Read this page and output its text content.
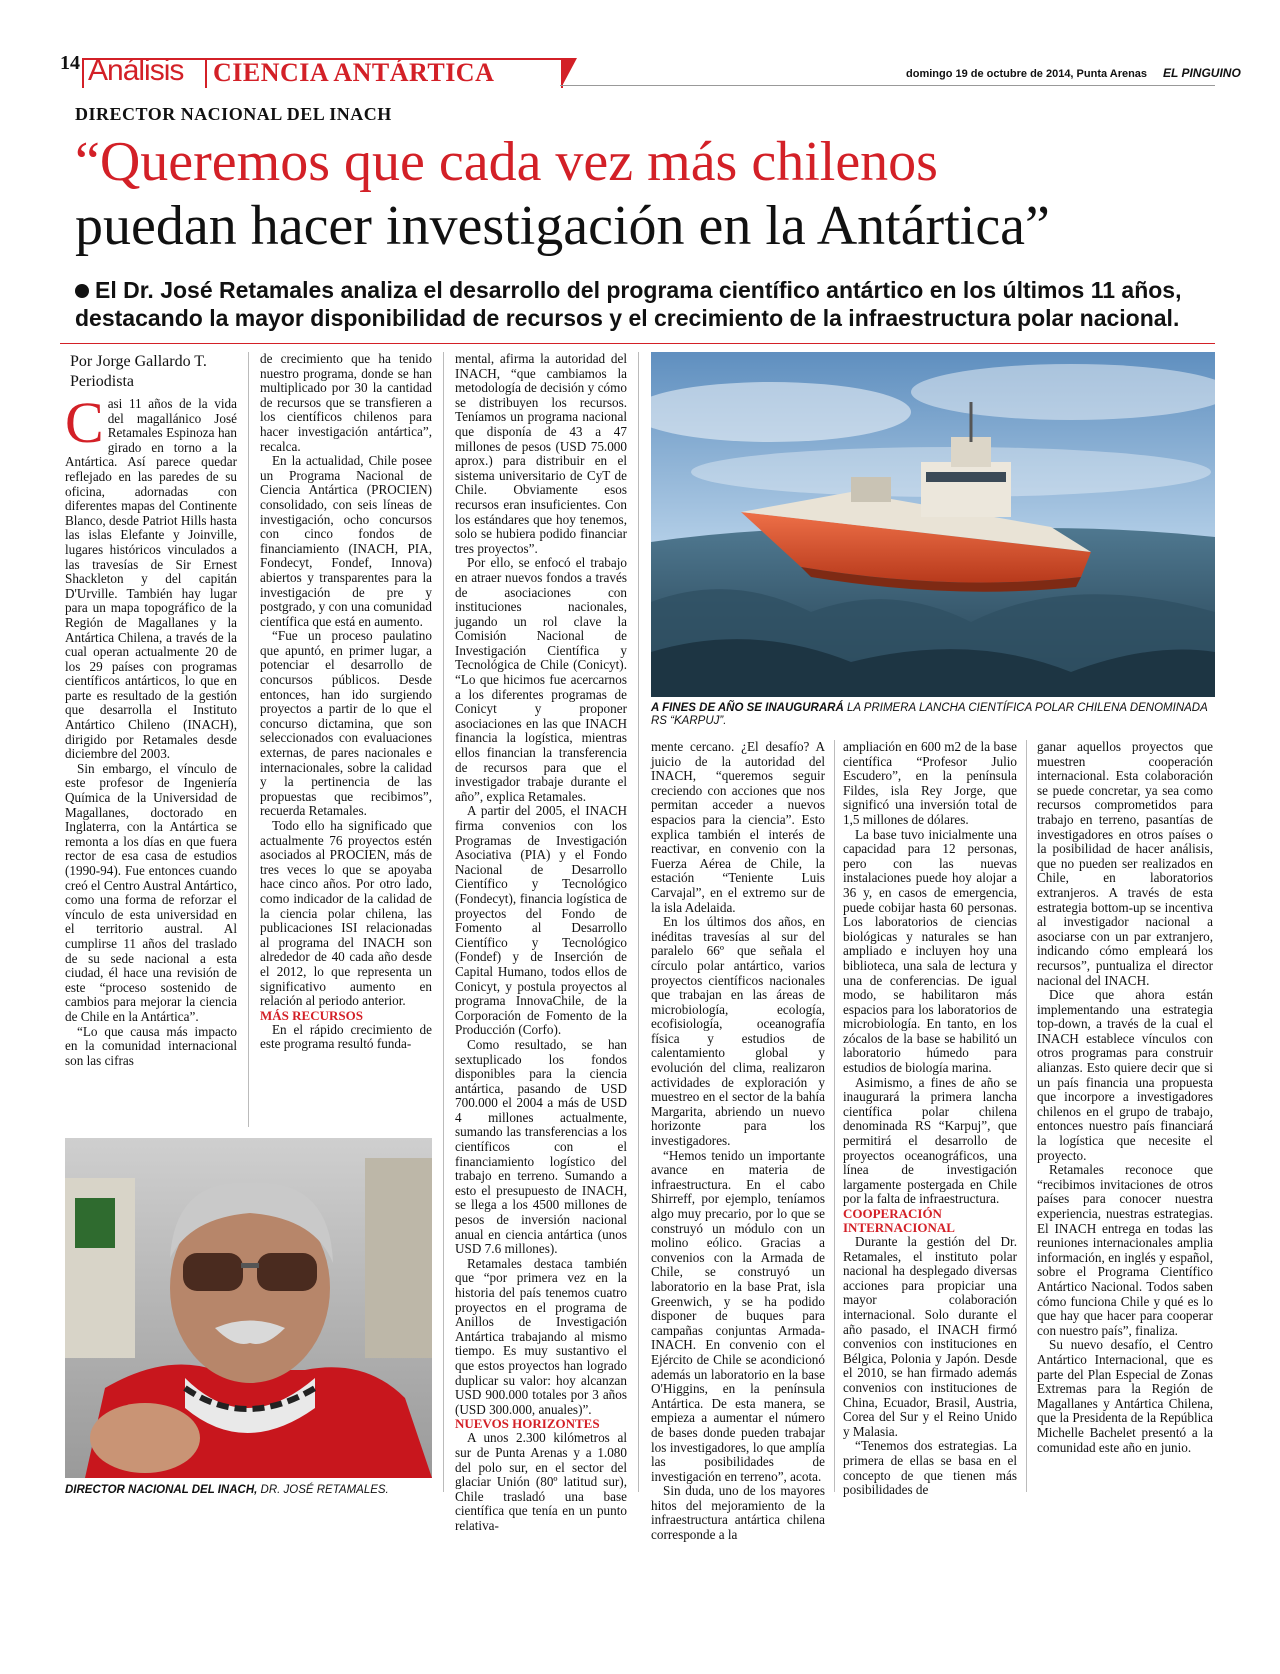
14 Análisis CIENCIA ANTÁRTICA	domingo 19 de octubre de 2014, Punta Arenas EL PINGUINO
DIRECTOR NACIONAL DEL INACH
“Queremos que cada vez más chilenos
puedan hacer investigación en la Antártica”
El Dr. José Retamales analiza el desarrollo del programa científico antártico en los últimos 11 años, destacando la mayor disponibilidad de recursos y el crecimiento de la infraestructura polar nacional.
Por Jorge Gallardo T.
Periodista
C asi 11 años de la vida del magallánico José Retamales Espinoza han girado en torno a la Antártica. Así parece quedar reflejado en las paredes de su oficina, adornadas con diferentes mapas del Continente Blanco, desde Patriot Hills hasta las islas Elefante y Joinville, lugares históricos vinculados a las travesías de Sir Ernest Shackleton y del capitán D'Urville. También hay lugar para un mapa topográfico de la Región de Magallanes y la Antártica Chilena, a través de la cual operan actualmente 20 de los 29 países con programas científicos antárticos, lo que en parte es resultado de la gestión que desarrolla el Instituto Antártico Chileno (INACH), dirigido por Retamales desde diciembre del 2003.

Sin embargo, el vínculo de este profesor de Ingeniería Química de la Universidad de Magallanes, doctorado en Inglaterra, con la Antártica se remonta a los días en que fuera rector de esa casa de estudios (1990-94). Fue entonces cuando creó el Centro Austral Antártico, como una forma de reforzar el vínculo de esta universidad en el territorio austral. Al cumplirse 11 años del traslado de su sede nacional a esta ciudad, él hace una revisión de este “proceso sostenido de cambios para mejorar la ciencia de Chile en la Antártica”.

“Lo que causa más impacto en la comunidad internacional son las cifras

de crecimiento que ha tenido nuestro programa, donde se han multiplicado por 30 la cantidad de recursos que se transfieren a los científicos chilenos para hacer investigación antártica”, recalca.

En la actualidad, Chile posee un Programa Nacional de Ciencia Antártica (PROCIEN) consolidado, con seis líneas de investigación, ocho concursos con cinco fondos de financiamiento (INACH, PIA, Fondecyt, Fondef, Innova) abiertos y transparentes para la investigación de pre y postgrado, y con una comunidad científica que está en aumento.

“Fue un proceso paulatino que apuntó, en primer lugar, a potenciar el desarrollo de concursos públicos. Desde entonces, han ido surgiendo proyectos a partir de lo que el concurso dictamina, que son seleccionados con evaluaciones externas, de pares nacionales e internacionales, sobre la calidad y la pertinencia de las propuestas que recibimos”, recuerda Retamales.

Todo ello ha significado que actualmente 76 proyectos estén asociados al PROCIEN, más de tres veces lo que se apoyaba hace cinco años. Por otro lado, como indicador de la calidad de la ciencia polar chilena, las publicaciones ISI relacionadas al programa del INACH son alrededor de 40 cada año desde el 2012, lo que representa un significativo aumento en relación al periodo anterior.

MÁS RECURSOS

En el rápido crecimiento de este programa resultó funda-

DIRECTOR NACIONAL DEL INACH, DR. JOSÉ RETAMALES.

mental, afirma la autoridad del INACH, “que cambiamos la metodología de decisión y cómo se distribuyen los recursos. Teníamos un programa nacional que disponía de 43 a 47 millones de pesos (USD 75.000 aprox.) para distribuir en el sistema universitario de CyT de Chile. Obviamente esos recursos eran insuficientes. Con los estándares que hoy tenemos, solo se hubiera podido financiar tres proyectos”.

Por ello, se enfocó el trabajo en atraer nuevos fondos a través de asociaciones con instituciones nacionales, jugando un rol clave la Comisión Nacional de Investigación Científica y Tecnológica de Chile (Conicyt). “Lo que hicimos fue acercarnos a los diferentes programas de Conicyt y proponer asociaciones en las que INACH financia la logística, mientras ellos financian la transferencia de recursos para que el investigador trabaje durante el año”, explica Retamales.

A partir del 2005, el INACH firma convenios con los Programas de Investigación Asociativa (PIA) y el Fondo Nacional de Desarrollo Científico y Tecnológico (Fondecyt), financia logística de proyectos del Fondo de Fomento al Desarrollo Científico y Tecnológico (Fondef) y de Inserción de Capital Humano, todos ellos de Conicyt, y postula proyectos al programa InnovaChile, de la Corporación de Fomento de la Producción (Corfo).

Como resultado, se han sextuplicado los fondos disponibles para la ciencia antártica, pasando de USD 700.000 el 2004 a más de USD 4 millones actualmente, sumando las transferencias a los científicos con el financiamiento logístico del trabajo en terreno. Sumando a esto el presupuesto de INACH, se llega a los 4500 millones de pesos de inversión nacional anual en ciencia antártica (unos USD 7.6 millones).

Retamales destaca también que “por primera vez en la historia del país tenemos cuatro proyectos en el programa de Anillos de Investigación Antártica trabajando al mismo tiempo. Es muy sustantivo el que estos proyectos han logrado duplicar su valor: hoy alcanzan USD 900.000 totales por 3 años (USD 300.000, anuales)”.

NUEVOS HORIZONTES

A unos 2.300 kilómetros al sur de Punta Arenas y a 1.080 del polo sur, en el sector del glaciar Unión (80º latitud sur), Chile trasladó una base científica que tenía en un punto relativa-

A FINES DE AÑO SE INAUGURARÁ LA PRIMERA LANCHA CIENTÍFICA POLAR CHILENA DENOMINADA RS “KARPUJ”.

mente cercano. ¿El desafío? A juicio de la autoridad del INACH, “queremos seguir creciendo con acciones que nos permitan acceder a nuevos espacios para la ciencia”. Esto explica también el interés de reactivar, en convenio con la Fuerza Aérea de Chile, la estación “Teniente Luis Carvajal”, en el extremo sur de la isla Adelaida.

En los últimos dos años, en inéditas travesías al sur del paralelo 66º que señala el círculo polar antártico, varios proyectos científicos nacionales que trabajan en las áreas de microbiología, ecología, ecofisiología, oceanografía física y estudios de calentamiento global y evolución del clima, realizaron actividades de exploración y muestreo en el sector de la bahía Margarita, abriendo un nuevo horizonte para los investigadores.

“Hemos tenido un importante avance en materia de infraestructura. En el cabo Shirreff, por ejemplo, teníamos algo muy precario, por lo que se construyó un módulo con un molino eólico. Gracias a convenios con la Armada de Chile, se construyó un laboratorio en la base Prat, isla Greenwich, y se ha podido disponer de buques para campañas conjuntas Armada-INACH. En convenio con el Ejército de Chile se acondicionó además un laboratorio en la base O'Higgins, en la península Antártica. De esta manera, se empieza a aumentar el número de bases donde pueden trabajar los investigadores, lo que amplía las posibilidades de investigación en terreno”, acota.

Sin duda, uno de los mayores hitos del mejoramiento de la infraestructura antártica chilena corresponde a la

ampliación en 600 m2 de la base científica “Profesor Julio Escudero”, en la península Fildes, isla Rey Jorge, que significó una inversión total de 1,5 millones de dólares.

La base tuvo inicialmente una capacidad para 12 personas, pero con las nuevas instalaciones puede hoy alojar a 36 y, en casos de emergencia, puede cobijar hasta 60 personas. Los laboratorios de ciencias biológicas y naturales se han ampliado e incluyen hoy una biblioteca, una sala de lectura y una de conferencias. De igual modo, se habilitaron más espacios para los laboratorios de microbiología. En tanto, en los zócalos de la base se habilitó un laboratorio húmedo para estudios de biología marina.

Asimismo, a fines de año se inaugurará la primera lancha científica polar chilena denominada RS “Karpuj”, que permitirá el desarrollo de proyectos oceanográficos, una línea de investigación largamente postergada en Chile por la falta de infraestructura.

COOPERACIÓN INTERNACIONAL

Durante la gestión del Dr. Retamales, el instituto polar nacional ha desplegado diversas acciones para propiciar una mayor colaboración internacional. Solo durante el año pasado, el INACH firmó convenios con instituciones en Bélgica, Polonia y Japón. Desde el 2010, se han firmado además convenios con instituciones de China, Ecuador, Brasil, Austria, Corea del Sur y el Reino Unido y Malasia.

“Tenemos dos estrategias. La primera de ellas se basa en el concepto de que tienen más posibilidades de

ganar aquellos proyectos que muestren cooperación internacional. Esta colaboración se puede concretar, ya sea como recursos comprometidos para trabajo en terreno, pasantías de investigadores en otros países o la posibilidad de hacer análisis, que no pueden ser realizados en Chile, en laboratorios extranjeros. A través de esta estrategia bottom-up se incentiva al investigador nacional a asociarse con un par extranjero, indicando cómo empleará los recursos”, puntualiza el director nacional del INACH.

Dice que ahora están implementando una estrategia top-down, a través de la cual el INACH establece vínculos con otros programas para construir alianzas. Esto quiere decir que si un país financia una propuesta que incorpore a investigadores chilenos en el grupo de trabajo, entonces nuestro país financiará la logística que necesite el proyecto.

Retamales reconoce que “recibimos invitaciones de otros países para conocer nuestra experiencia, nuestras estrategias. El INACH entrega en todas las reuniones internacionales amplia información, en inglés y español, sobre el Programa Científico Antártico Nacional. Todos saben cómo funciona Chile y qué es lo que hay que hacer para cooperar con nuestro país”, finaliza.

Su nuevo desafío, el Centro Antártico Internacional, que es parte del Plan Especial de Zonas Extremas para la Región de Magallanes y Antártica Chilena, que la Presidenta de la República Michelle Bachelet presentó a la comunidad este año en junio.
